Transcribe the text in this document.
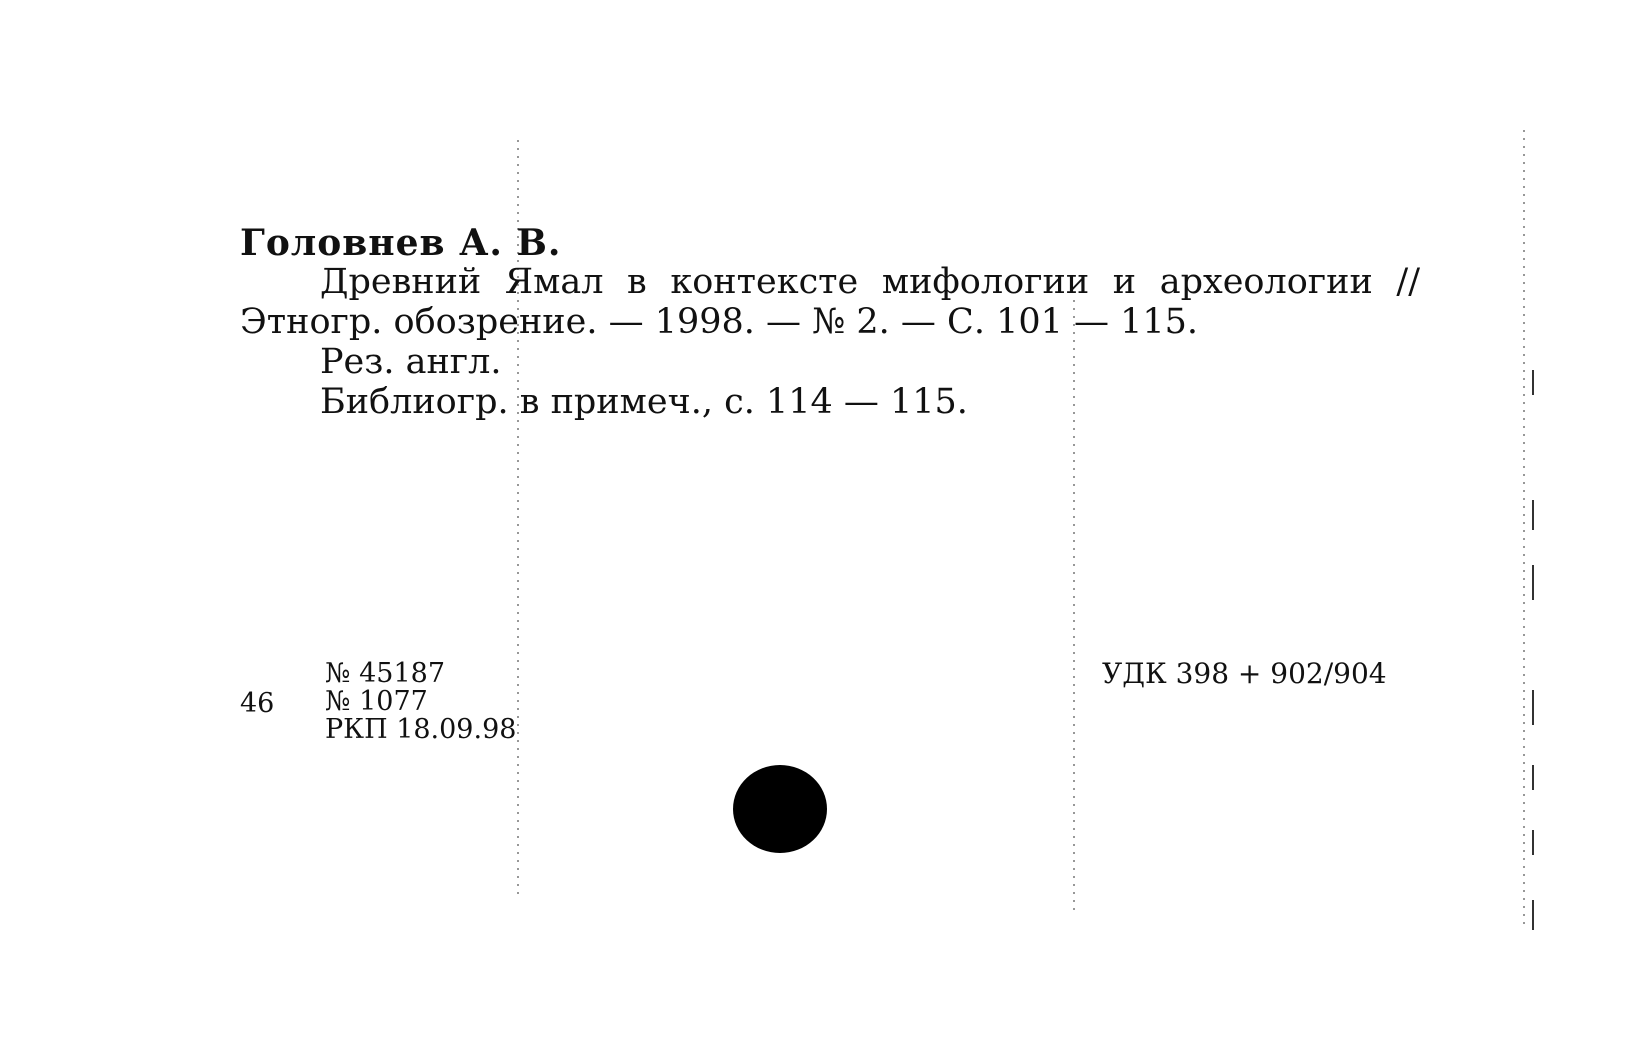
Головнев А. В.

Древний Ямал в контексте мифологии и археологии // Этногр. обозрение. — 1998. — № 2. — С. 101 — 115.

Рез. англ.
Библиогр. в примеч., с. 114 — 115.
46
№ 45187
№ 1077
РКП 18.09.98
УДК 398 + 902/904
